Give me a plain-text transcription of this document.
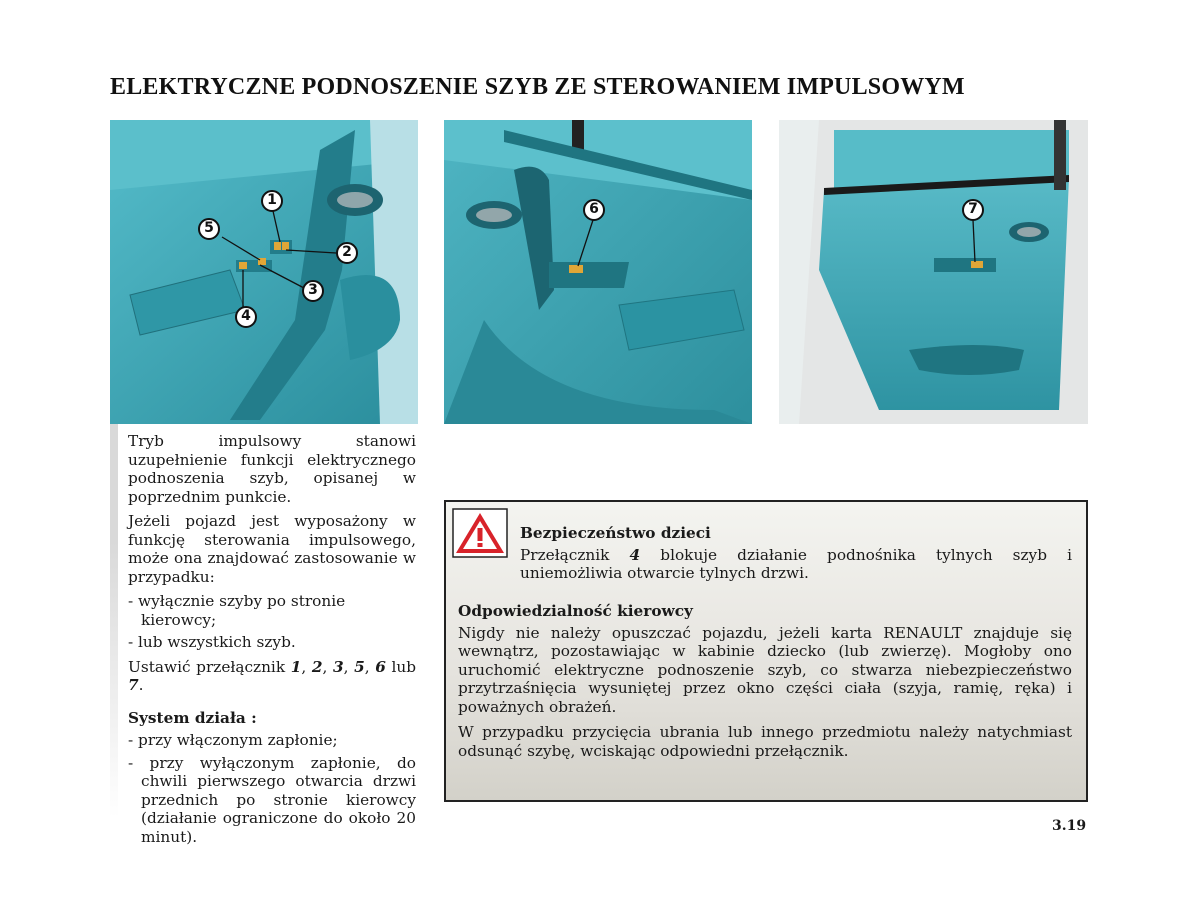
ELEKTRYCZNE PODNOSZENIE SZYB ZE STEROWANIEM IMPULSOWYM
1
2
3
4
5
6	7

Tryb impulsowy stanowi uzupełnienie funkcji elektrycznego podnoszenia szyb, opisanej w poprzednim punkcie.

Jeżeli pojazd jest wyposażony w funkcję sterowania impulsowego, może ona znajdować zastosowanie w przypadku:

- wyłącznie szyby po stronie kierowcy;
- lub wszystkich szyb.

Ustawić przełącznik 1, 2, 3, 5, 6 lub 7.

System działa :
- przy włączonym zapłonie;
- przy wyłączonym zapłonie, do chwili pierwszego otwarcia drzwi przednich po stronie kierowcy (działanie ograniczone do około 20 minut).
Bezpieczeństwo dzieci

Przełącznik 4 blokuje działanie podnośnika tylnych szyb i uniemożliwia otwarcie tylnych drzwi.

Odpowiedzialność kierowcy

Nigdy nie należy opuszczać pojazdu, jeżeli karta RENAULT znajduje się wewnątrz, pozostawiając w kabinie dziecko (lub zwierzę). Mogłoby ono uruchomić elektryczne podnoszenie szyb, co stwarza niebezpieczeństwo przytrzaśnięcia wysuniętej przez okno części ciała (szyja, ramię, ręka) i poważnych obrażeń.

W przypadku przycięcia ubrania lub innego przedmiotu należy natychmiast odsunąć szybę, wciskając odpowiedni przełącznik.

3.19
